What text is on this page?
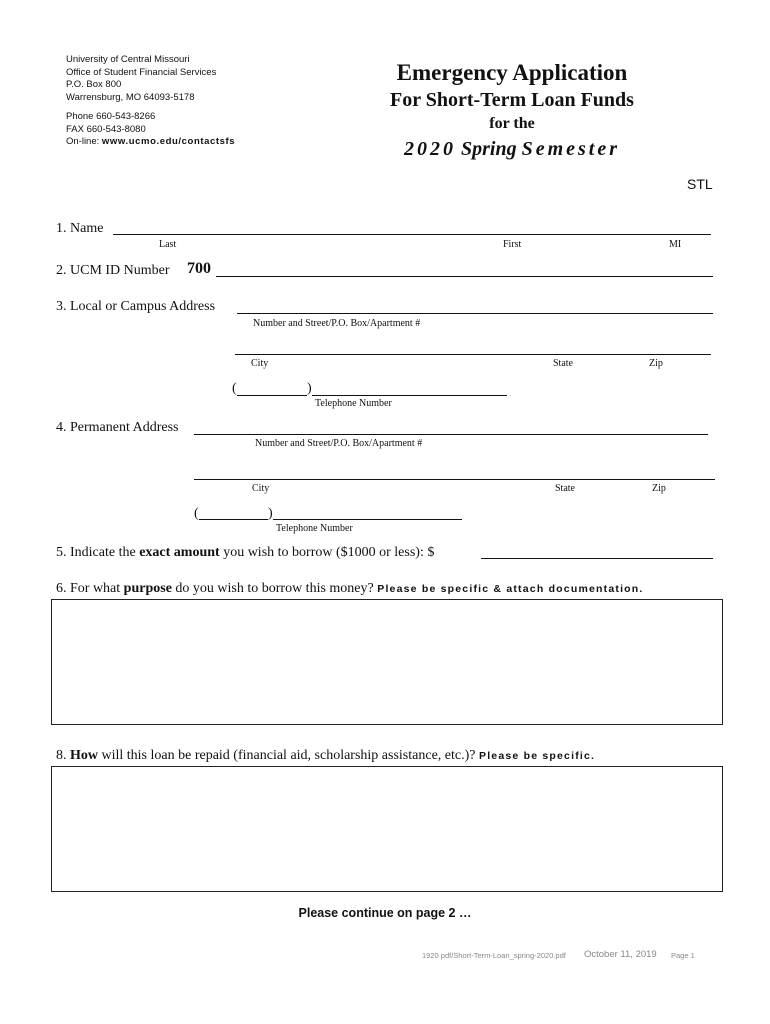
University of Central Missouri
Office of Student Financial Services
P.O. Box 800
Warrensburg, MO 64093-5178
Phone 660-543-8266
FAX 660-543-8080
On-line: www.ucmo.edu/contactsfs
Emergency Application
For Short-Term Loan Funds
for the
2020 Spring Semester
STL
1. Name
Last	First	MI
2. UCM ID Number 700
3. Local or Campus Address
Number and Street/P.O. Box/Apartment #
City	State	Zip
(	)
Telephone Number
4. Permanent Address
Number and Street/P.O. Box/Apartment #
City	State	Zip
(	)
Telephone Number
5. Indicate the exact amount you wish to borrow ($1000 or less): $
6. For what purpose do you wish to borrow this money? Please be specific & attach documentation.
8. How will this loan be repaid (financial aid, scholarship assistance, etc.)? Please be specific.
Please continue on page 2 …
1920 pdf/Short-Term-Loan_spring-2020.pdf October 11, 2019 Page 1
